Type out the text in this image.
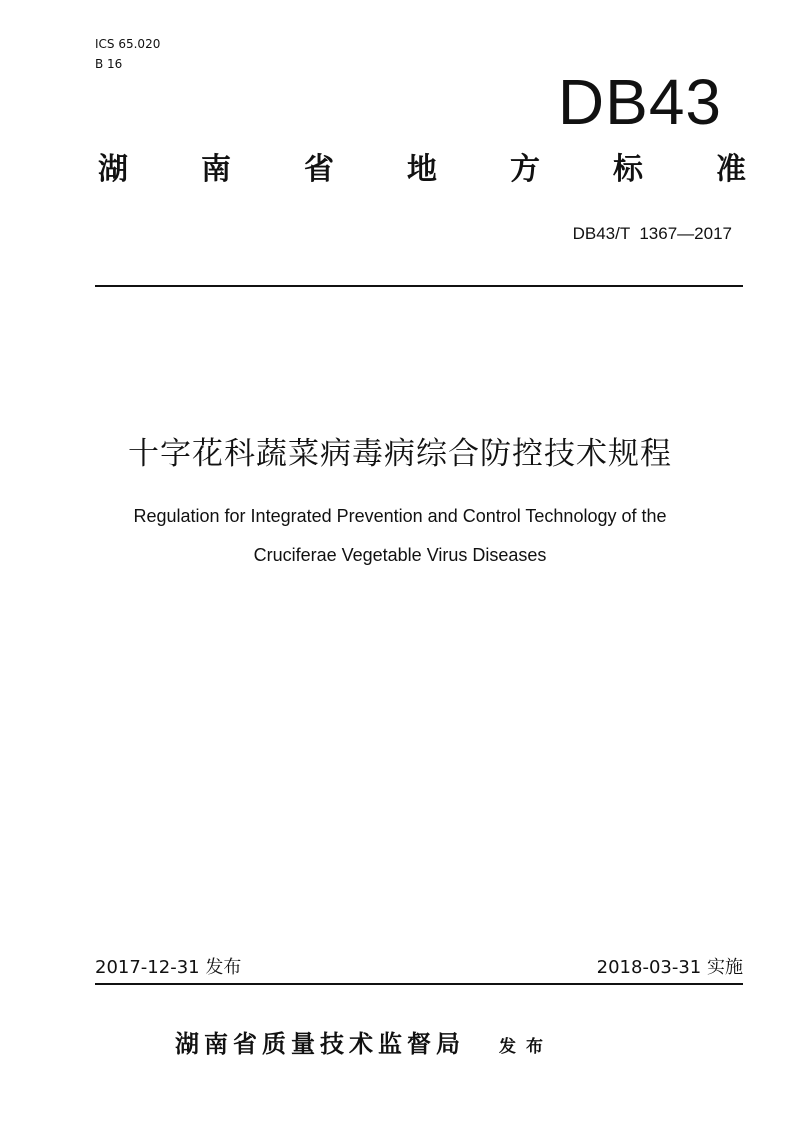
ICS 65.020
B 16
DB43
湖 南 省 地 方 标 准
DB43/T  1367—2017
十字花科蔬菜病毒病综合防控技术规程
Regulation for Integrated Prevention and Control Technology of the
Cruciferae Vegetable Virus Diseases
2017-12-31 发布	2018-03-31 实施
湖南省质量技术监督局 发布
